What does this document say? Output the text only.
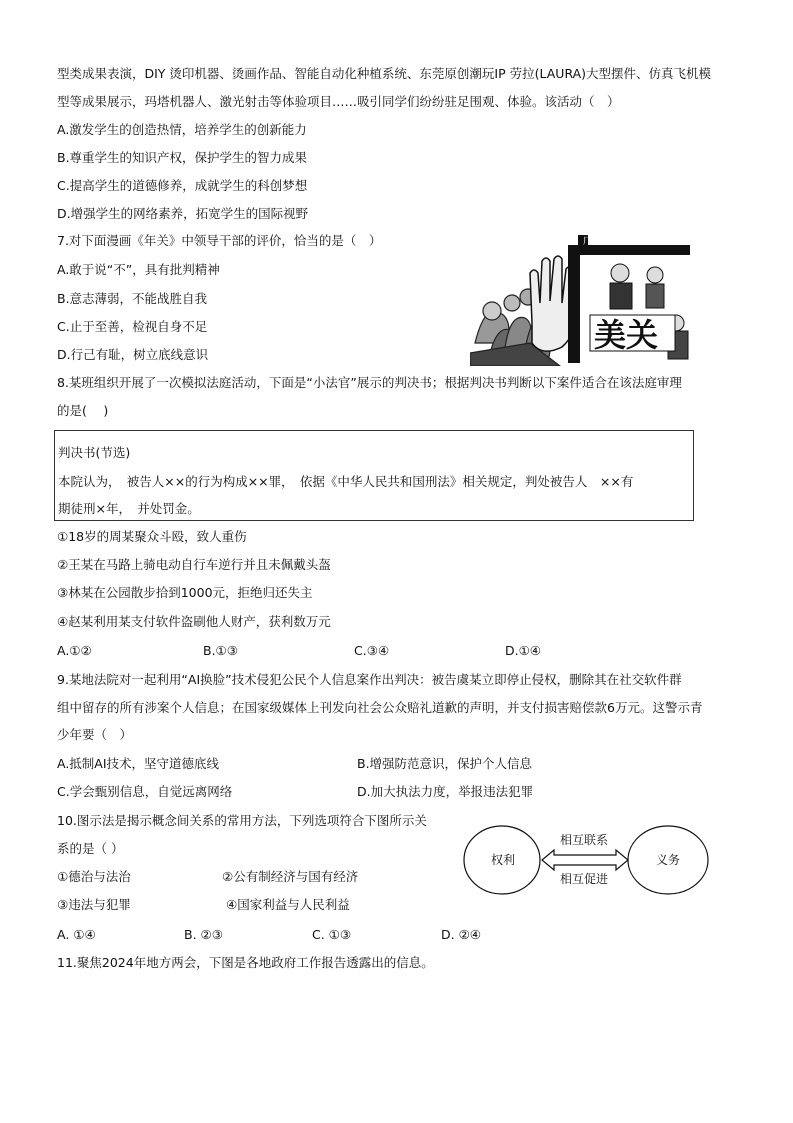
型类成果表演，DIY 烫印机器、烫画作品、智能自动化种植系统、东莞原创潮玩IP 劳拉(LAURA)大型摆件、仿真飞机模
型等成果展示，玛塔机器人、激光射击等体验项目……吸引同学们纷纷驻足围观、体验。该活动（　）
A.激发学生的创造热情，培养学生的创新能力
B.尊重学生的知识产权，保护学生的智力成果
C.提高学生的道德修养，成就学生的科创梦想
D.增强学生的网络素养，拓宽学生的国际视野
7.对下面漫画《年关》中领导干部的评价，恰当的是（　）
A.敢于说“不”，具有批判精神
B.意志薄弱，不能战胜自我
C.止于至善，检视自身不足
D.行己有耻，树立底线意识
广
美关
8.某班组织开展了一次模拟法庭活动，下面是“小法官”展示的判决书；根据判决书判断以下案件适合在该法庭审理
的是(　 )
判决书(节选)
本院认为，　被告人××的行为构成××罪，　依据《中华人民共和国刑法》相关规定，判处被告人　××有
期徒刑×年，　并处罚金。
①18岁的周某聚众斗殴，致人重伤
②王某在马路上骑电动自行车逆行并且未佩戴头盔
③林某在公园散步拾到1000元，拒绝归还失主
④赵某利用某支付软件盗刷他人财产，获利数万元
A.①②	B.①③	C.③④	D.①④
9.某地法院对一起利用“AI换脸”技术侵犯公民个人信息案作出判决：被告虞某立即停止侵权，删除其在社交软件群
组中留存的所有涉案个人信息；在国家级媒体上刊发向社会公众赔礼道歉的声明，并支付损害赔偿款6万元。这警示青
少年要（　）
A.抵制AI技术，坚守道德底线	B.增强防范意识，保护个人信息
C.学会甄别信息，自觉远离网络	D.加大执法力度，举报违法犯罪
10.图示法是揭示概念间关系的常用方法，下列选项符合下图所示关
系的是（ ）
①德治与法治	②公有制经济与国有经济
③违法与犯罪	④国家利益与人民利益
A. ①④	B. ②③	C. ①③	D. ②④
权利	义务
相互联系
相互促进
11.聚焦2024年地方两会，下图是各地政府工作报告透露出的信息。
